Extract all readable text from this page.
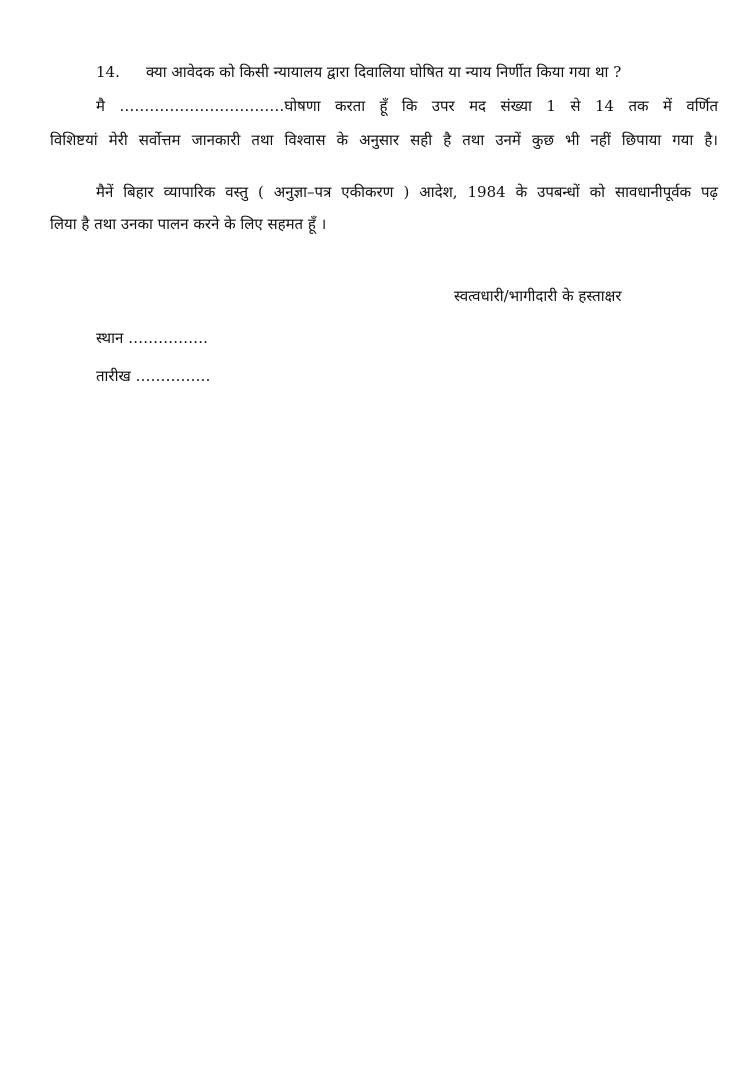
14. क्या आवेदक को किसी न्यायालय द्वारा दिवालिया घोषित या न्याय निर्णीत किया गया था ?
मै ……………………………घोषणा करता हूँ कि उपर मद संख्या 1 से 14 तक में वर्णित
विशिष्टयां मेरी सर्वोत्तम जानकारी तथा विश्वास के अनुसार सही है तथा उनमें कुछ भी नहीं छिपाया गया है।
मैनें बिहार व्यापारिक वस्तु ( अनुज्ञा–पत्र एकीकरण ) आदेश, 1984 के उपबन्धों को सावधानीपूर्वक पढ़
लिया है तथा उनका पालन करने के लिए सहमत हूँ ।
स्वत्वधारी/भागीदारी के हस्ताक्षर
स्थान …………….
तारीख ……………
